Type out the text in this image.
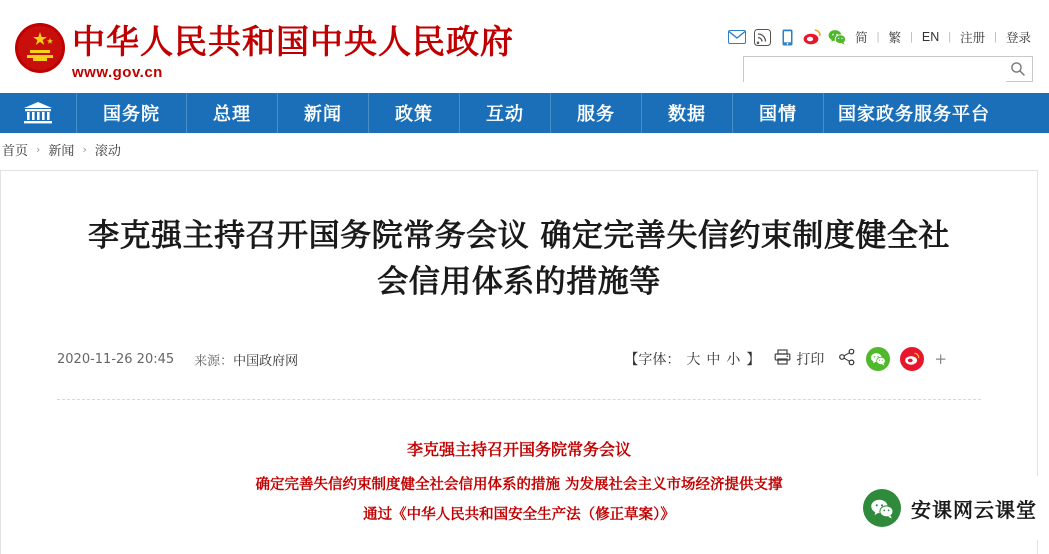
中华人民共和国中央人民政府
www.gov.cn
简 | 繁 | EN | 注册 | 登录
国务院	总理	新闻	政策	互动	服务	数据	国情	国家政务服务平台
首页 › 新闻 › 滚动
李克强主持召开国务院常务会议 确定完善失信约束制度健全社会信用体系的措施等
2020-11-26 20:45 来源：中国政府网	【字体： 大 中 小 】	打印	+
李克强主持召开国务院常务会议
确定完善失信约束制度健全社会信用体系的措施 为发展社会主义市场经济提供支撑
通过《中华人民共和国安全生产法（修正草案）》	安课网云课堂
